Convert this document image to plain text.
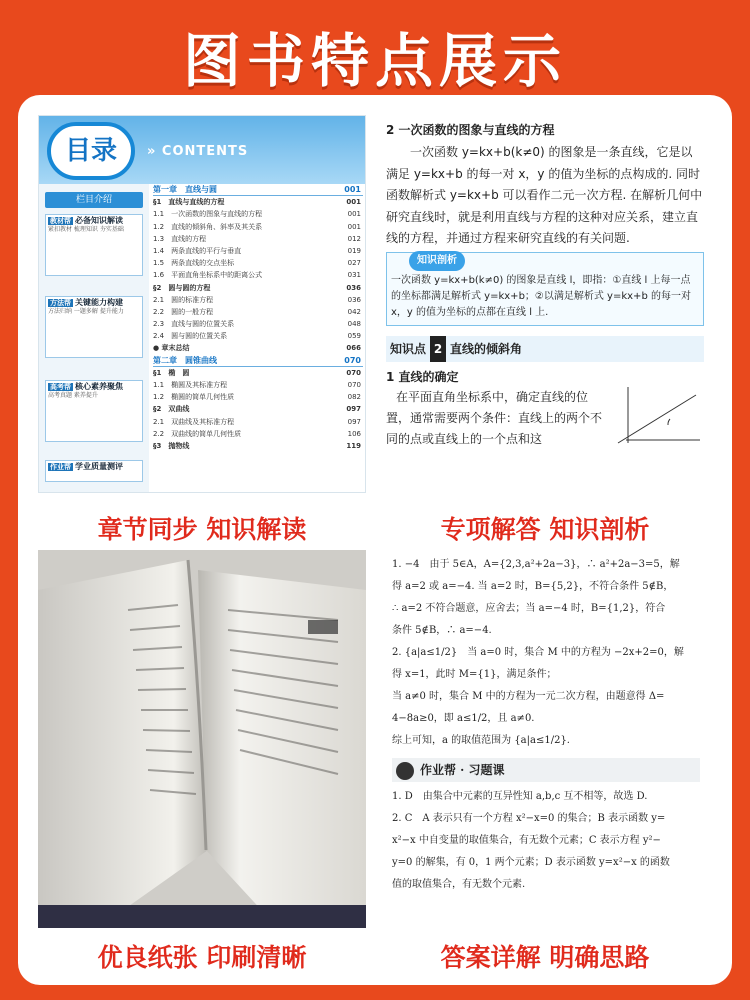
图书特点展示
目录	» CONTENTS
栏目介绍
教材帮 必备知识解读
紧扣教材 梳理知识 夯实基础
方法帮 关键能力构建
方法归纳 一题多解 提升能力
高考帮 核心素养聚焦
高考真题 素养提升
作业帮 学业质量测评
第一章　直线与圆	001
§1　直线与直线的方程	001
1.1　一次函数的图象与直线的方程	001
1.2　直线的倾斜角、斜率及其关系	001
1.3　直线的方程	012
1.4　两条直线的平行与垂直	019
1.5　两条直线的交点坐标	027
1.6　平面直角坐标系中的距离公式	031
§2　圆与圆的方程	036
2.1　圆的标准方程	036
2.2　圆的一般方程	042
2.3　直线与圆的位置关系	048
2.4　圆与圆的位置关系	059
● 章末总结	066
第二章　圆锥曲线	070
§1　椭　圆	070
1.1　椭圆及其标准方程	070
1.2　椭圆的简单几何性质	082
§2　双曲线	097
2.1　双曲线及其标准方程	097
2.2　双曲线的简单几何性质	106
§3　抛物线	119
2 一次函数的图象与直线的方程
一次函数 y=kx+b(k≠0) 的图象是一条直线，它是以满足 y=kx+b 的每一对 x，y 的值为坐标的点构成的. 同时函数解析式 y=kx+b 可以看作二元一次方程. 在解析几何中研究直线时，就是利用直线与方程的这种对应关系，建立直线的方程，并通过方程来研究直线的有关问题.
知识剖析
一次函数 y=kx+b(k≠0) 的图象是直线 l，即指：①直线 l 上每一点的坐标都满足解析式 y=kx+b；②以满足解析式 y=kx+b 的每一对 x，y 的值为坐标的点都在直线 l 上.
知识点 2 直线的倾斜角
1 直线的确定
在平面直角坐标系中，确定直线的位置，通常需要两个条件：直线上的两个不同的点或直线上的一个点和这
1. −4　由于 5∈A，A={2,3,a²+2a−3}，∴ a²+2a−3=5，解
得 a=2 或 a=−4. 当 a=2 时，B={5,2}，不符合条件 5∉B，
∴ a=2 不符合题意，应舍去；当 a=−4 时，B={1,2}，符合
条件 5∉B，∴ a=−4.
2. {a|a≤1/2}　当 a=0 时，集合 M 中的方程为 −2x+2=0，解
得 x=1，此时 M={1}，满足条件；
当 a≠0 时，集合 M 中的方程为一元二次方程，由题意得 Δ=
4−8a≥0，即 a≤1/2，且 a≠0.
综上可知，a 的取值范围为 {a|a≤1/2}.
作业帮 · 习题课
1. D　由集合中元素的互异性知 a,b,c 互不相等，故选 D.
2. C　A 表示只有一个方程 x²−x=0 的集合；B 表示函数 y=
x²−x 中自变量的取值集合，有无数个元素；C 表示方程 y²−
y=0 的解集，有 0，1 两个元素；D 表示函数 y=x²−x 的函数
值的取值集合，有无数个元素.
章节同步 知识解读	专项解答 知识剖析
优良纸张 印刷清晰	答案详解 明确思路
